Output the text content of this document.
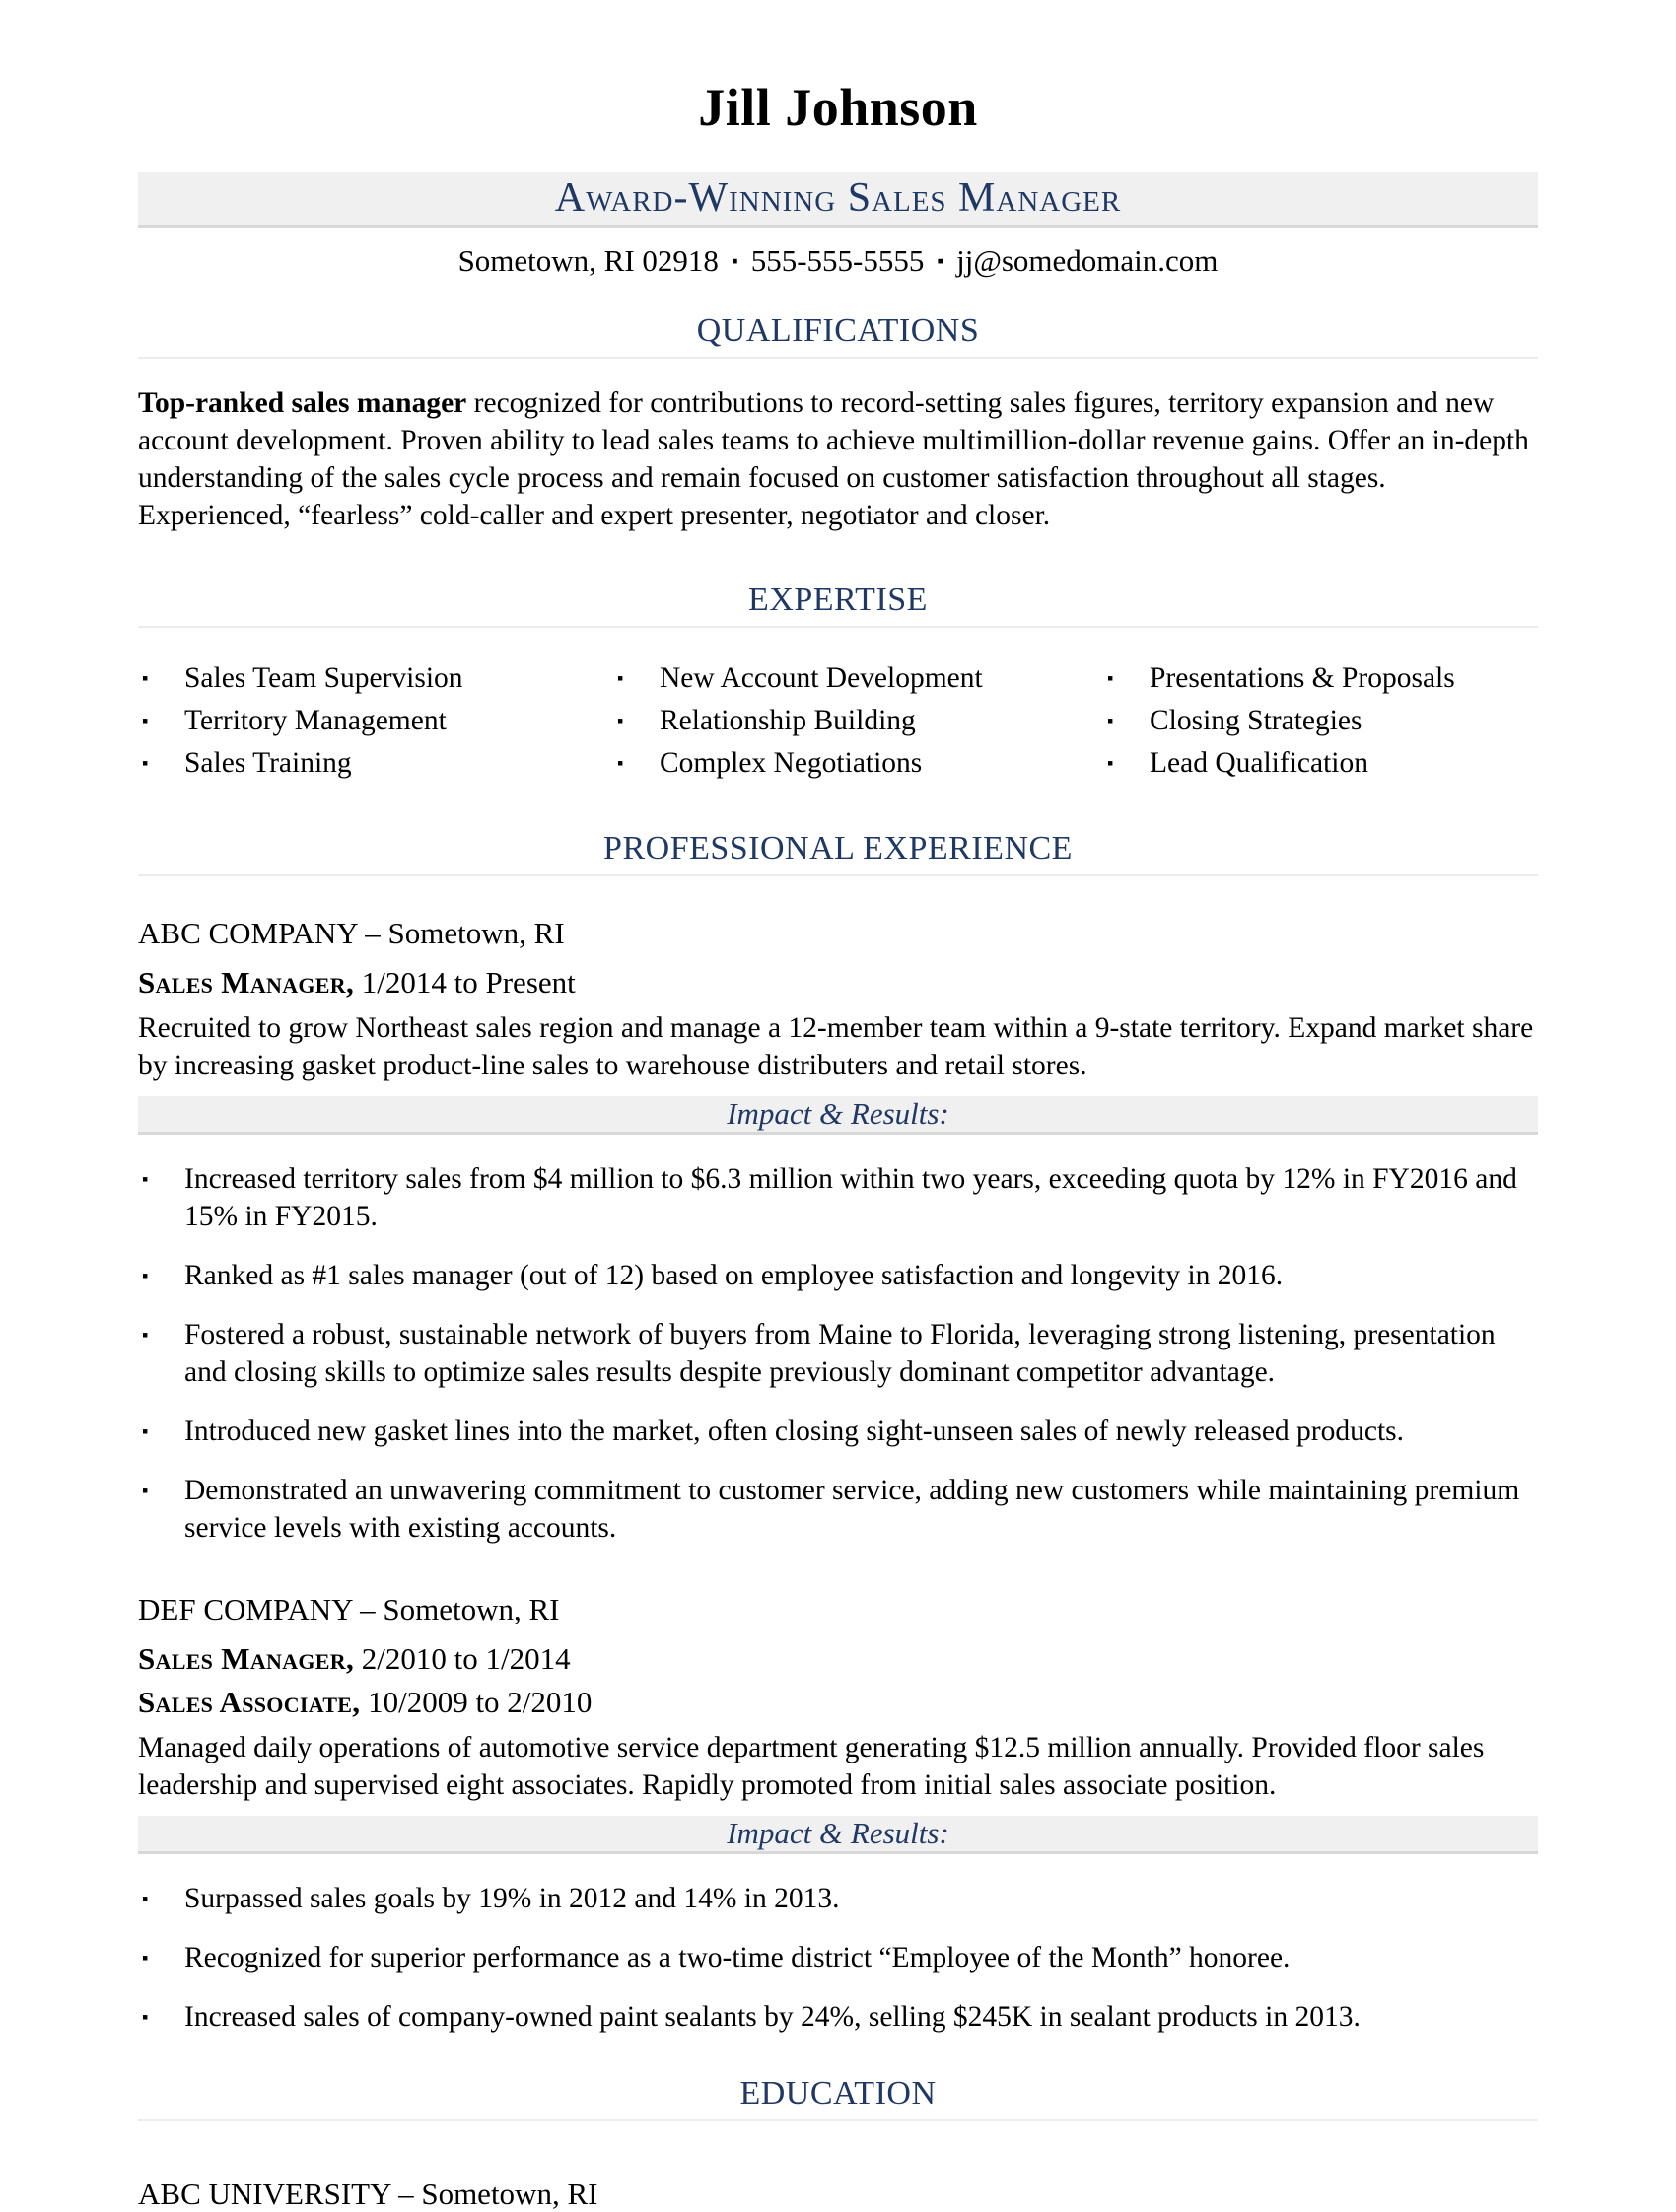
Jill Johnson
Award-Winning Sales Manager
Sometown, RI 02918 ▪ 555-555-5555 ▪ jj@somedomain.com
QUALIFICATIONS

Top-ranked sales manager recognized for contributions to record-setting sales figures, territory expansion and new account development. Proven ability to lead sales teams to achieve multimillion-dollar revenue gains. Offer an in-depth understanding of the sales cycle process and remain focused on customer satisfaction throughout all stages. Experienced, “fearless” cold-caller and expert presenter, negotiator and closer.

EXPERTISE
▪	Sales Team Supervision
▪	Territory Management
▪	Sales Training
▪	New Account Development
▪	Relationship Building
▪	Complex Negotiations
▪	Presentations & Proposals
▪	Closing Strategies
▪	Lead Qualification
PROFESSIONAL EXPERIENCE
ABC COMPANY – Sometown, RI
Sales Manager, 1/2014 to Present

Recruited to grow Northeast sales region and manage a 12-member team within a 9-state territory. Expand market share by increasing gasket product-line sales to warehouse distributers and retail stores.

Impact & Results:
▪	Increased territory sales from $4 million to $6.3 million within two years, exceeding quota by 12% in FY2016 and 15% in FY2015.
▪	Ranked as #1 sales manager (out of 12) based on employee satisfaction and longevity in 2016.
▪	Fostered a robust, sustainable network of buyers from Maine to Florida, leveraging strong listening, presentation and closing skills to optimize sales results despite previously dominant competitor advantage.
▪	Introduced new gasket lines into the market, often closing sight-unseen sales of newly released products.
▪	Demonstrated an unwavering commitment to customer service, adding new customers while maintaining premium service levels with existing accounts.
DEF COMPANY – Sometown, RI
Sales Manager, 2/2010 to 1/2014
Sales Associate, 10/2009 to 2/2010

Managed daily operations of automotive service department generating $12.5 million annually. Provided floor sales leadership and supervised eight associates. Rapidly promoted from initial sales associate position.

Impact & Results:
▪	Surpassed sales goals by 19% in 2012 and 14% in 2013.
▪	Recognized for superior performance as a two-time district “Employee of the Month” honoree.
▪	Increased sales of company-owned paint sealants by 24%, selling $245K in sealant products in 2013.
EDUCATION
ABC UNIVERSITY – Sometown, RI
